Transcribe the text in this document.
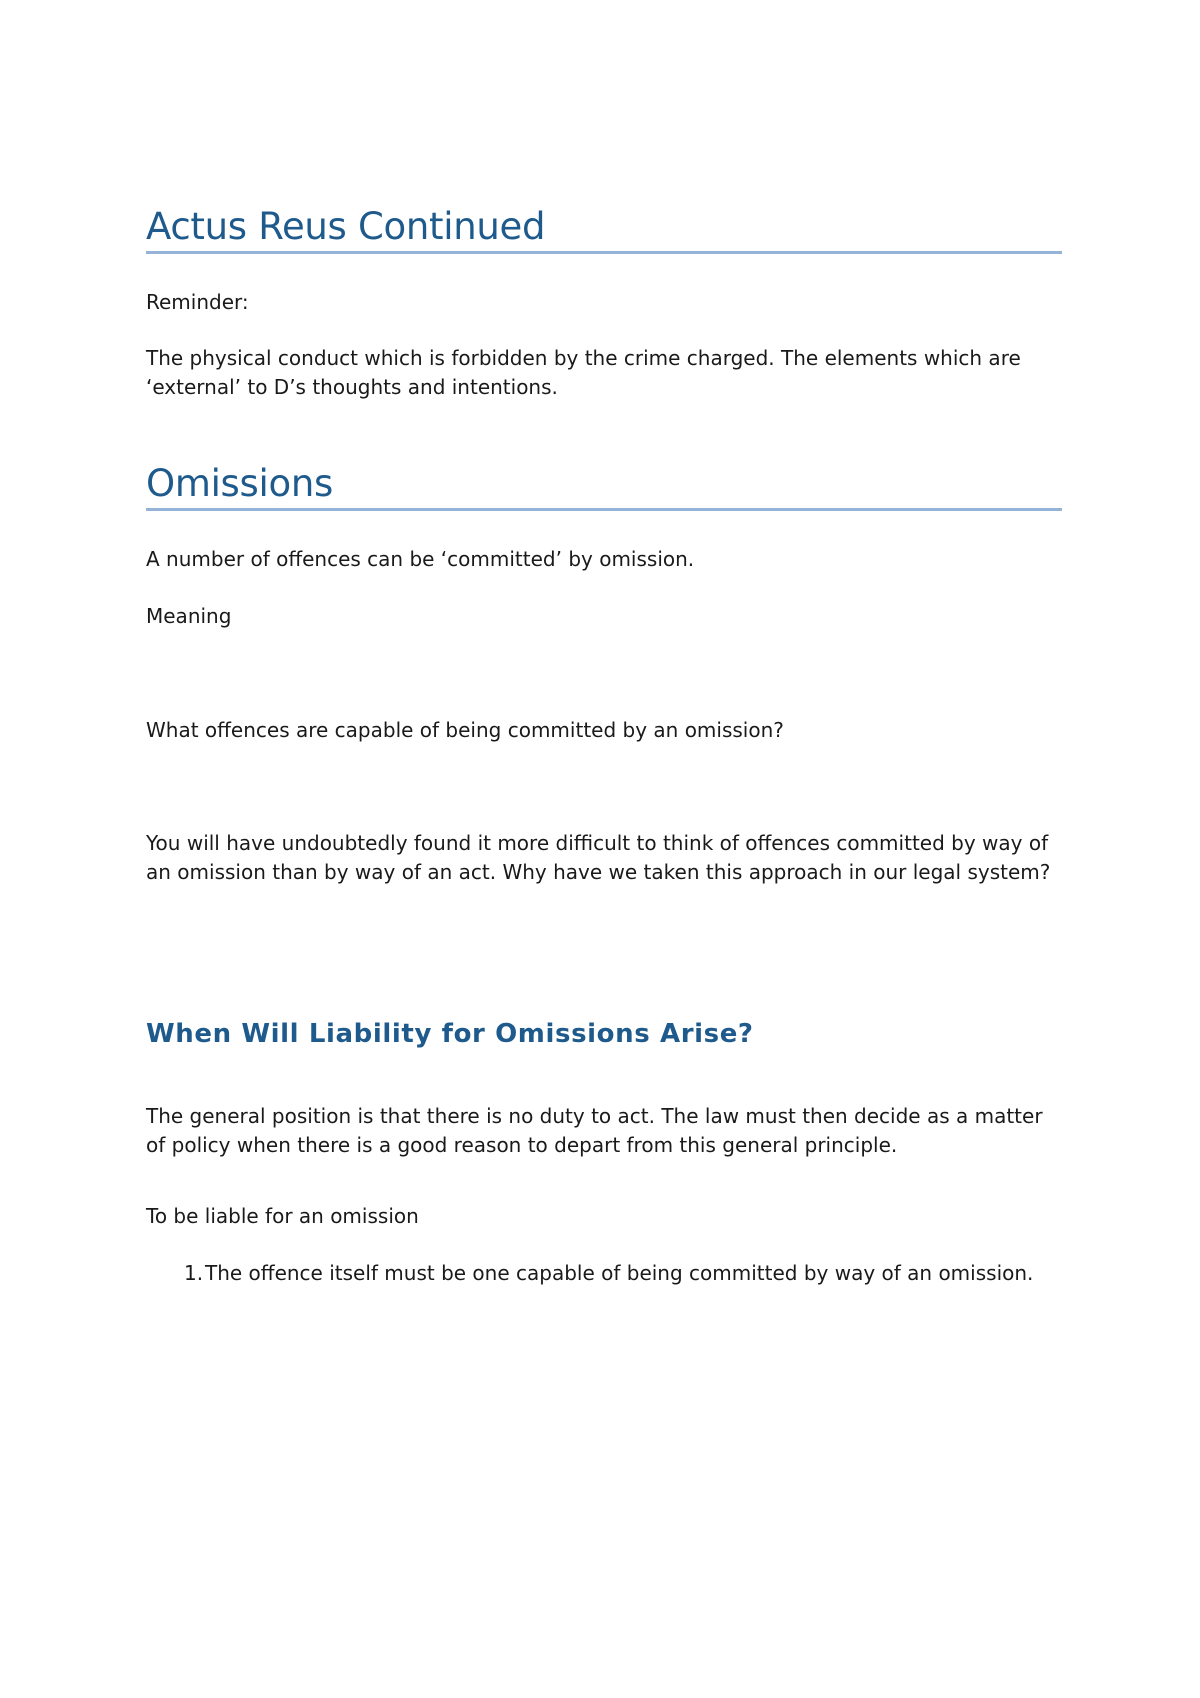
Actus Reus Continued

Reminder:

The physical conduct which is forbidden by the crime charged. The elements which are ‘external’ to D’s thoughts and intentions.

Omissions

A number of offences can be ‘committed’ by omission.

Meaning

What offences are capable of being committed by an omission?

You will have undoubtedly found it more difficult to think of offences committed by way of an omission than by way of an act. Why have we taken this approach in our legal system?

When Will Liability for Omissions Arise?

The general position is that there is no duty to act. The law must then decide as a matter of policy when there is a good reason to depart from this general principle.

To be liable for an omission

1.The offence itself must be one capable of being committed by way of an omission.
